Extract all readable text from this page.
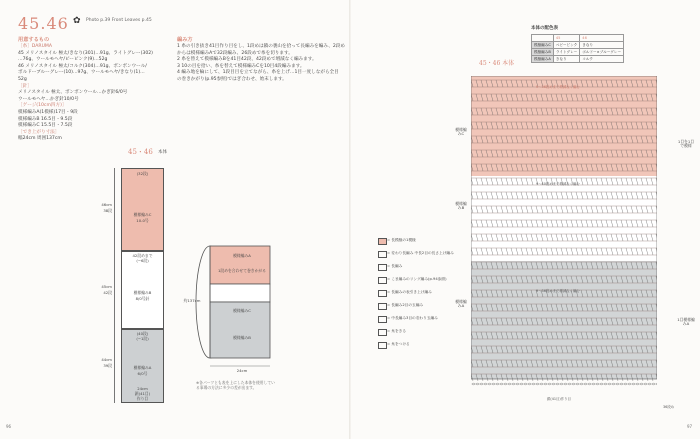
45.46 ✿ Photo p.39 Front Leaves p.45
用意するもの
［糸］DARUMA
45 メリノスタイル 極太/きなり(301)…91g、ライトグレー(302)
…76g、ウールモヘヤ/ピーピンク(9)…52g
46 メリノスタイル 極太/コルク(304)…91g、ボンボンウール/
ボルドーブルーグレー(10)…97g、ウールモヘヤ/きなり(1)…
52g
［針］
メリノスタイル 極太、ボンボンウール…かぎ針6/0号
ウールモヘヤ…かぎ針10/0号
［ゲージ(10cm四方)］
模様編みA(1模様)17目・9段
模様編みB 16.5目・9.5段
模様編みC 15.5目・7.5段
［でき上がり寸法］
幅24cm 周囲137cm
編み方
1 糸の引き抜き41目作り目をし、1段めは鎖の裏山を拾って長編みを編み、2段め
からは模様編みAで32段編み、26段めで糸を切ります。
2 糸を替えて模様編みBを41目42段、42段めで増減なく編みます。
3 10の目を拾い、糸を替えて模様編みCを10目4段編みます。
4 編み地を輪にして、1段目目を立てながら、糸を上げ…1目一度しながら全目
の巻きかがり(p.95参照)ではぎ合わせ、始末します。
45・46 本体
(32段)
模様編みC
10-0号
42段めまで
(−6段)
模様編みB
8/0号針
(40段)
(−1段)
模様編みA
6/0号
24cm
鎖(41目)
作り目
46cm
38段
45cm
42段
44cm
39段
模様編みA
1段めを合わせて巻きかがる
模様編みC
模様編みB
約137cm
24cm
※各パーツとも表を上にした本体を使用している事場の方法に多少の差が出ます。
96
本体の配色表
	45	46
模様編みC	ベビーピンク	きなり
模様編みB	ライトグレー	ボルドー×ブルーグレー
模様編みA	きなり	コルク
45・46 本体
9〜36段めまで増減なく編む
9〜40段めまで増減なく編む
9〜36段めまで増減なく編む
鎖(41目)作り目
36段め
模様編みC
模様編みB
模様編みA
1目を1目で模様
1目模様編みA
= 長模様の1模様
= 変わり長編み 中長2目の長さ上げ編み
= 長編み
= こま編みのリング編み(p.94参照)
= 長編みの表引き上げ編み
= 長編み2目の玉編み
= 中長編み3目の変わり玉編み
= 糸をきる
= 糸をつける
97
